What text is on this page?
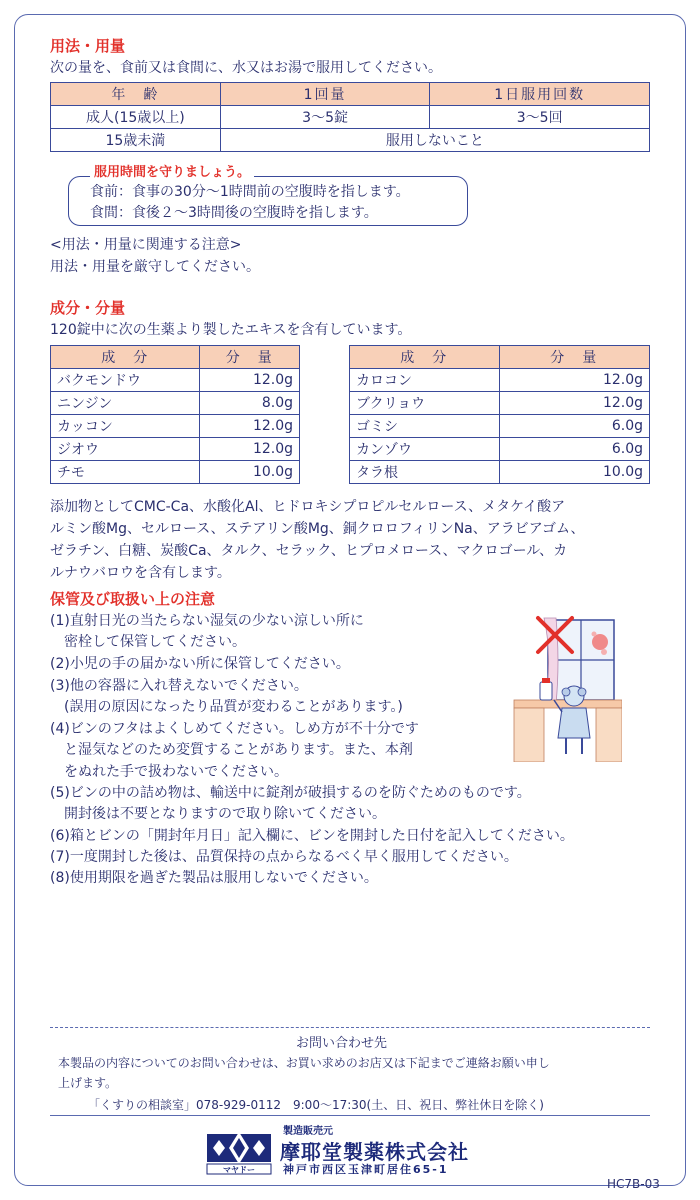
用法・用量
次の量を、食前又は食間に、水又はお湯で服用してください。
年　齢	1回量	1日服用回数
成人(15歳以上)	3～5錠	3～5回
15歳未満	服用しないこと	
服用時間を守りましょう。
食前：食事の30分～1時間前の空腹時を指します。
食間：食後２～3時間後の空腹時を指します。
<用法・用量に関連する注意>
用法・用量を厳守してください。
成分・分量
120錠中に次の生薬より製したエキスを含有しています。
成　分	分　量
バクモンドウ	12.0g
ニンジン	8.0g
カッコン	12.0g
ジオウ	12.0g
チモ	10.0g
成　分	分　量
カロコン	12.0g
ブクリョウ	12.0g
ゴミシ	6.0g
カンゾウ	6.0g
タラ根	10.0g
添加物としてCMC-Ca、水酸化Al、ヒドロキシプロピルセルロース、メタケイ酸ア
ルミン酸Mg、セルロース、ステアリン酸Mg、銅クロロフィリンNa、アラビアゴム、
ゼラチン、白糖、炭酸Ca、タルク、セラック、ヒプロメロース、マクロゴール、カ
ルナウバロウを含有します。
保管及び取扱い上の注意
(1)直射日光の当たらない湿気の少ない涼しい所に
　密栓して保管してください。
(2)小児の手の届かない所に保管してください。
(3)他の容器に入れ替えないでください。
　(誤用の原因になったり品質が変わることがあります。)
(4)ビンのフタはよくしめてください。しめ方が不十分です
　と湿気などのため変質することがあります。また、本剤
　をぬれた手で扱わないでください。
(5)ビンの中の詰め物は、輸送中に錠剤が破損するのを防ぐためのものです。
　開封後は不要となりますので取り除いてください。
(6)箱とビンの「開封年月日」記入欄に、ビンを開封した日付を記入してください。
(7)一度開封した後は、品質保持の点からなるべく早く服用してください。
(8)使用期限を過ぎた製品は服用しないでください。
お問い合わせ先
本製品の内容についてのお問い合わせは、お買い求めのお店又は下記までご連絡お願い申し
上げます。
「くすりの相談室」078-929-0112　9:00～17:30(土、日、祝日、弊社休日を除く)
マヤドー
製造販売元
摩耶堂製薬株式会社
神戸市西区玉津町居住65-1
HC7B-03
